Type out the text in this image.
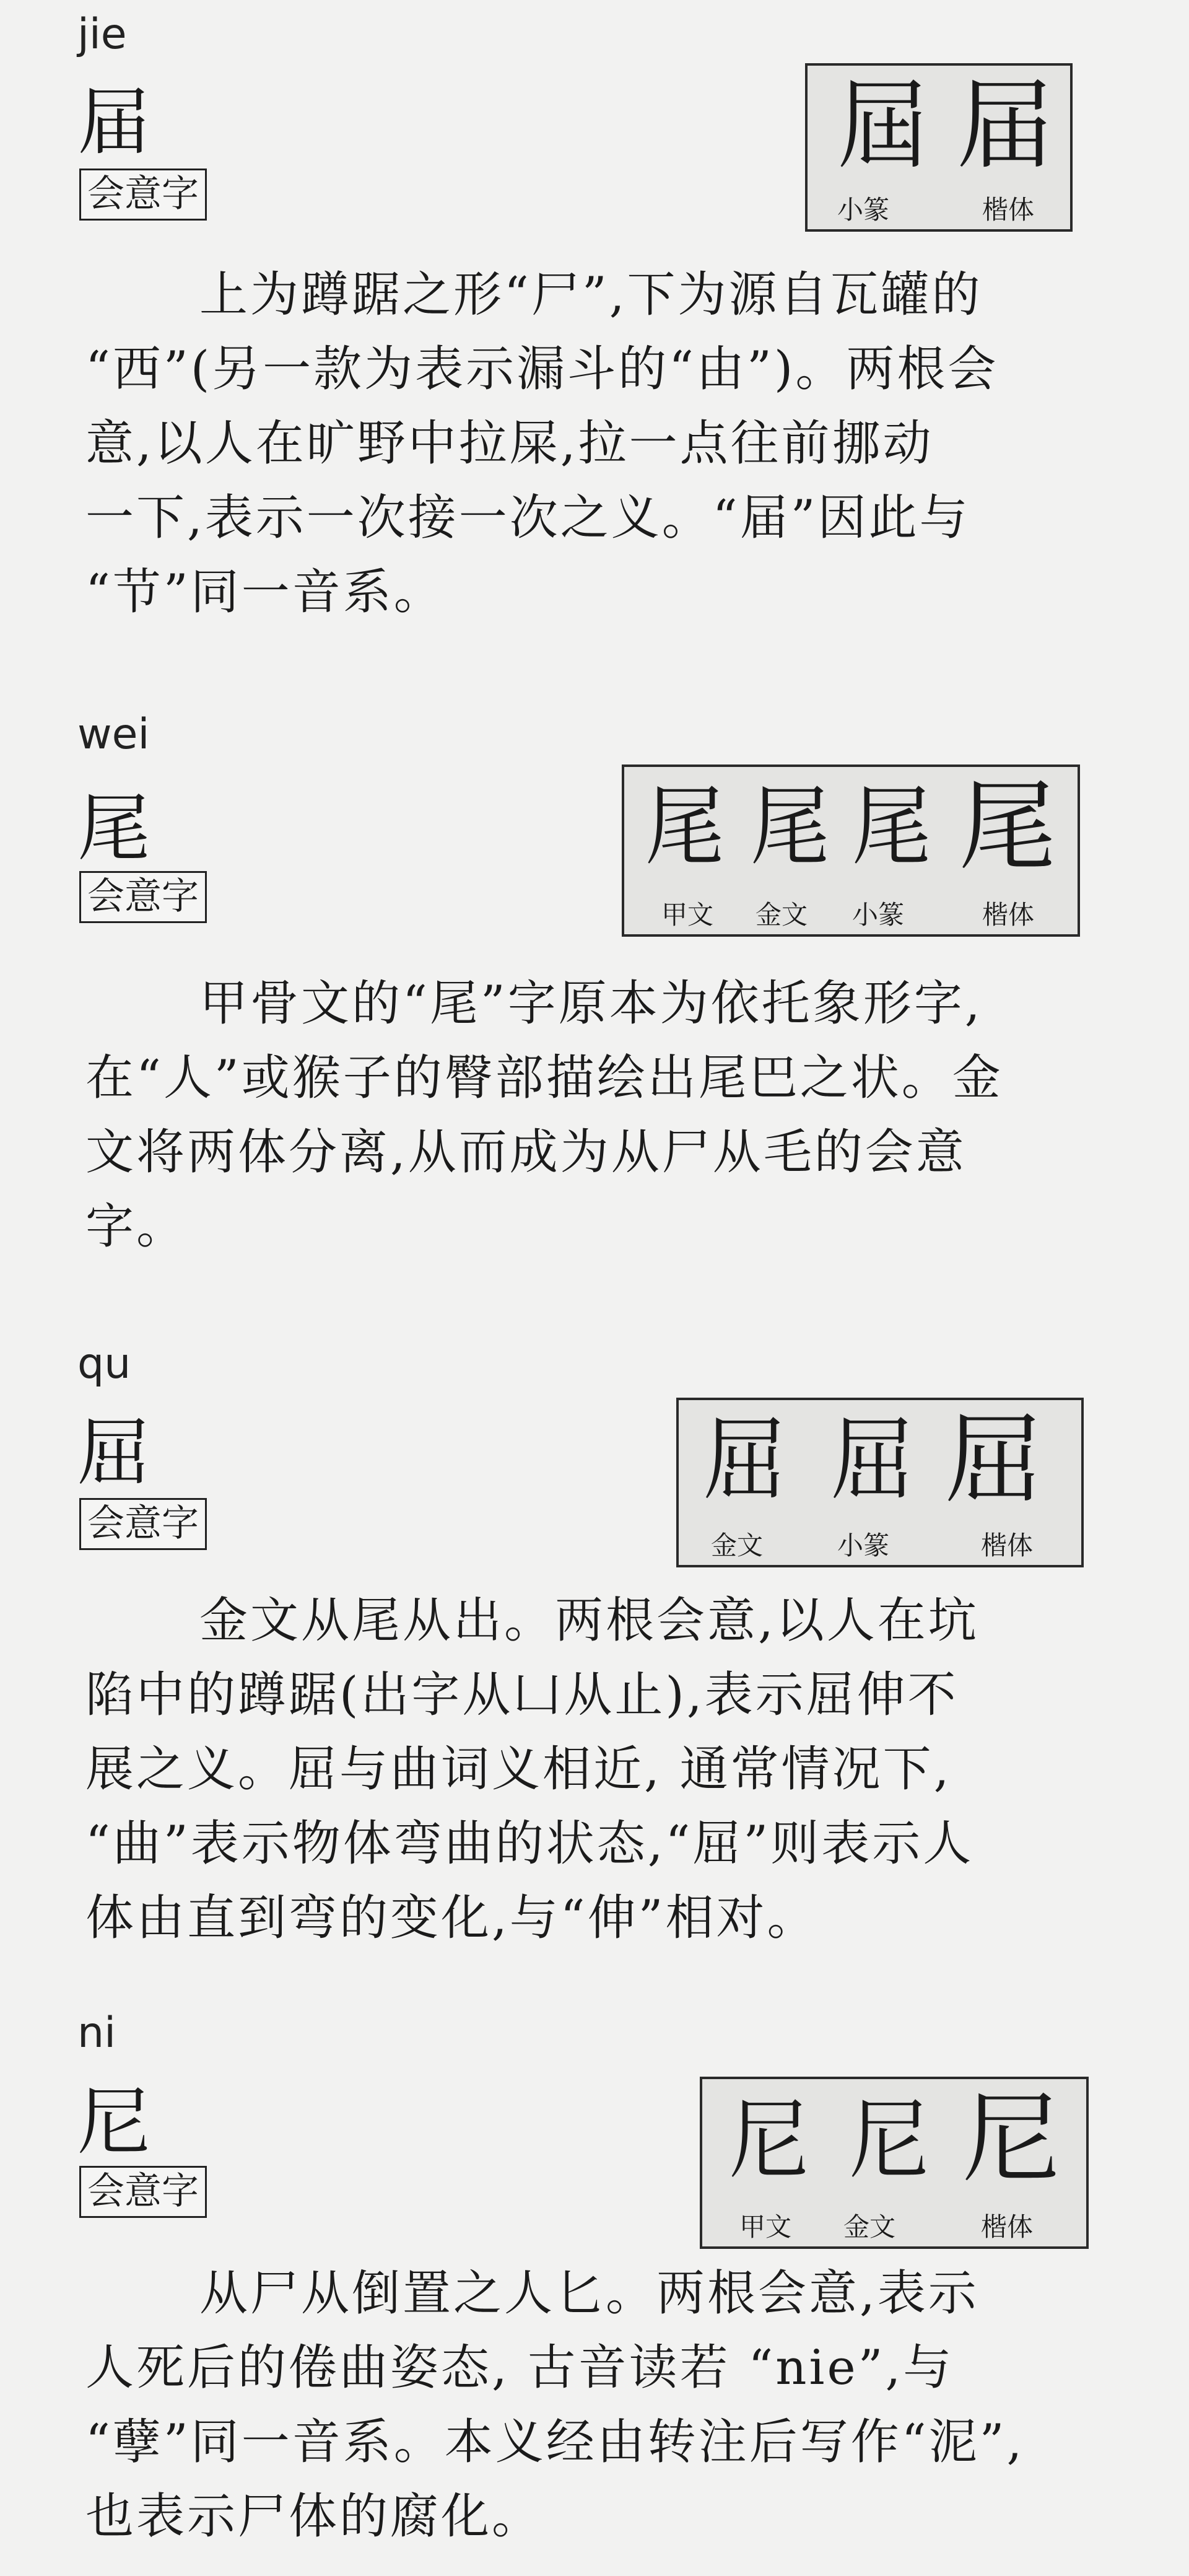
jie
届
会意字
屆 届
小篆	楷体
上为蹲踞之形“尸”,下为源自瓦罐的
“西”(另一款为表示漏斗的“由”)。两根会
意,以人在旷野中拉屎,拉一点往前挪动
一下,表示一次接一次之义。“届”因此与
“节”同一音系。
wei
尾
会意字
尾 尾 尾 尾
甲文 金文 小篆	楷体
甲骨文的“尾”字原本为依托象形字,
在“人”或猴子的臀部描绘出尾巴之状。金
文将两体分离,从而成为从尸从毛的会意
字。
qu
屈
会意字
屈 屈 屈
金文	小篆	楷体
金文从尾从出。两根会意,以人在坑
陷中的蹲踞(出字从凵从止),表示屈伸不
展之义。屈与曲词义相近, 通常情况下,
“曲”表示物体弯曲的状态,“屈”则表示人
体由直到弯的变化,与“伸”相对。
ni
尼
会意字	尼 尼 尼
甲文 金文	楷体
从尸从倒置之人匕。两根会意,表示
人死后的倦曲姿态, 古音读若 “nie”,与
“孽”同一音系。本义经由转注后写作“泥”,
也表示尸体的腐化。
